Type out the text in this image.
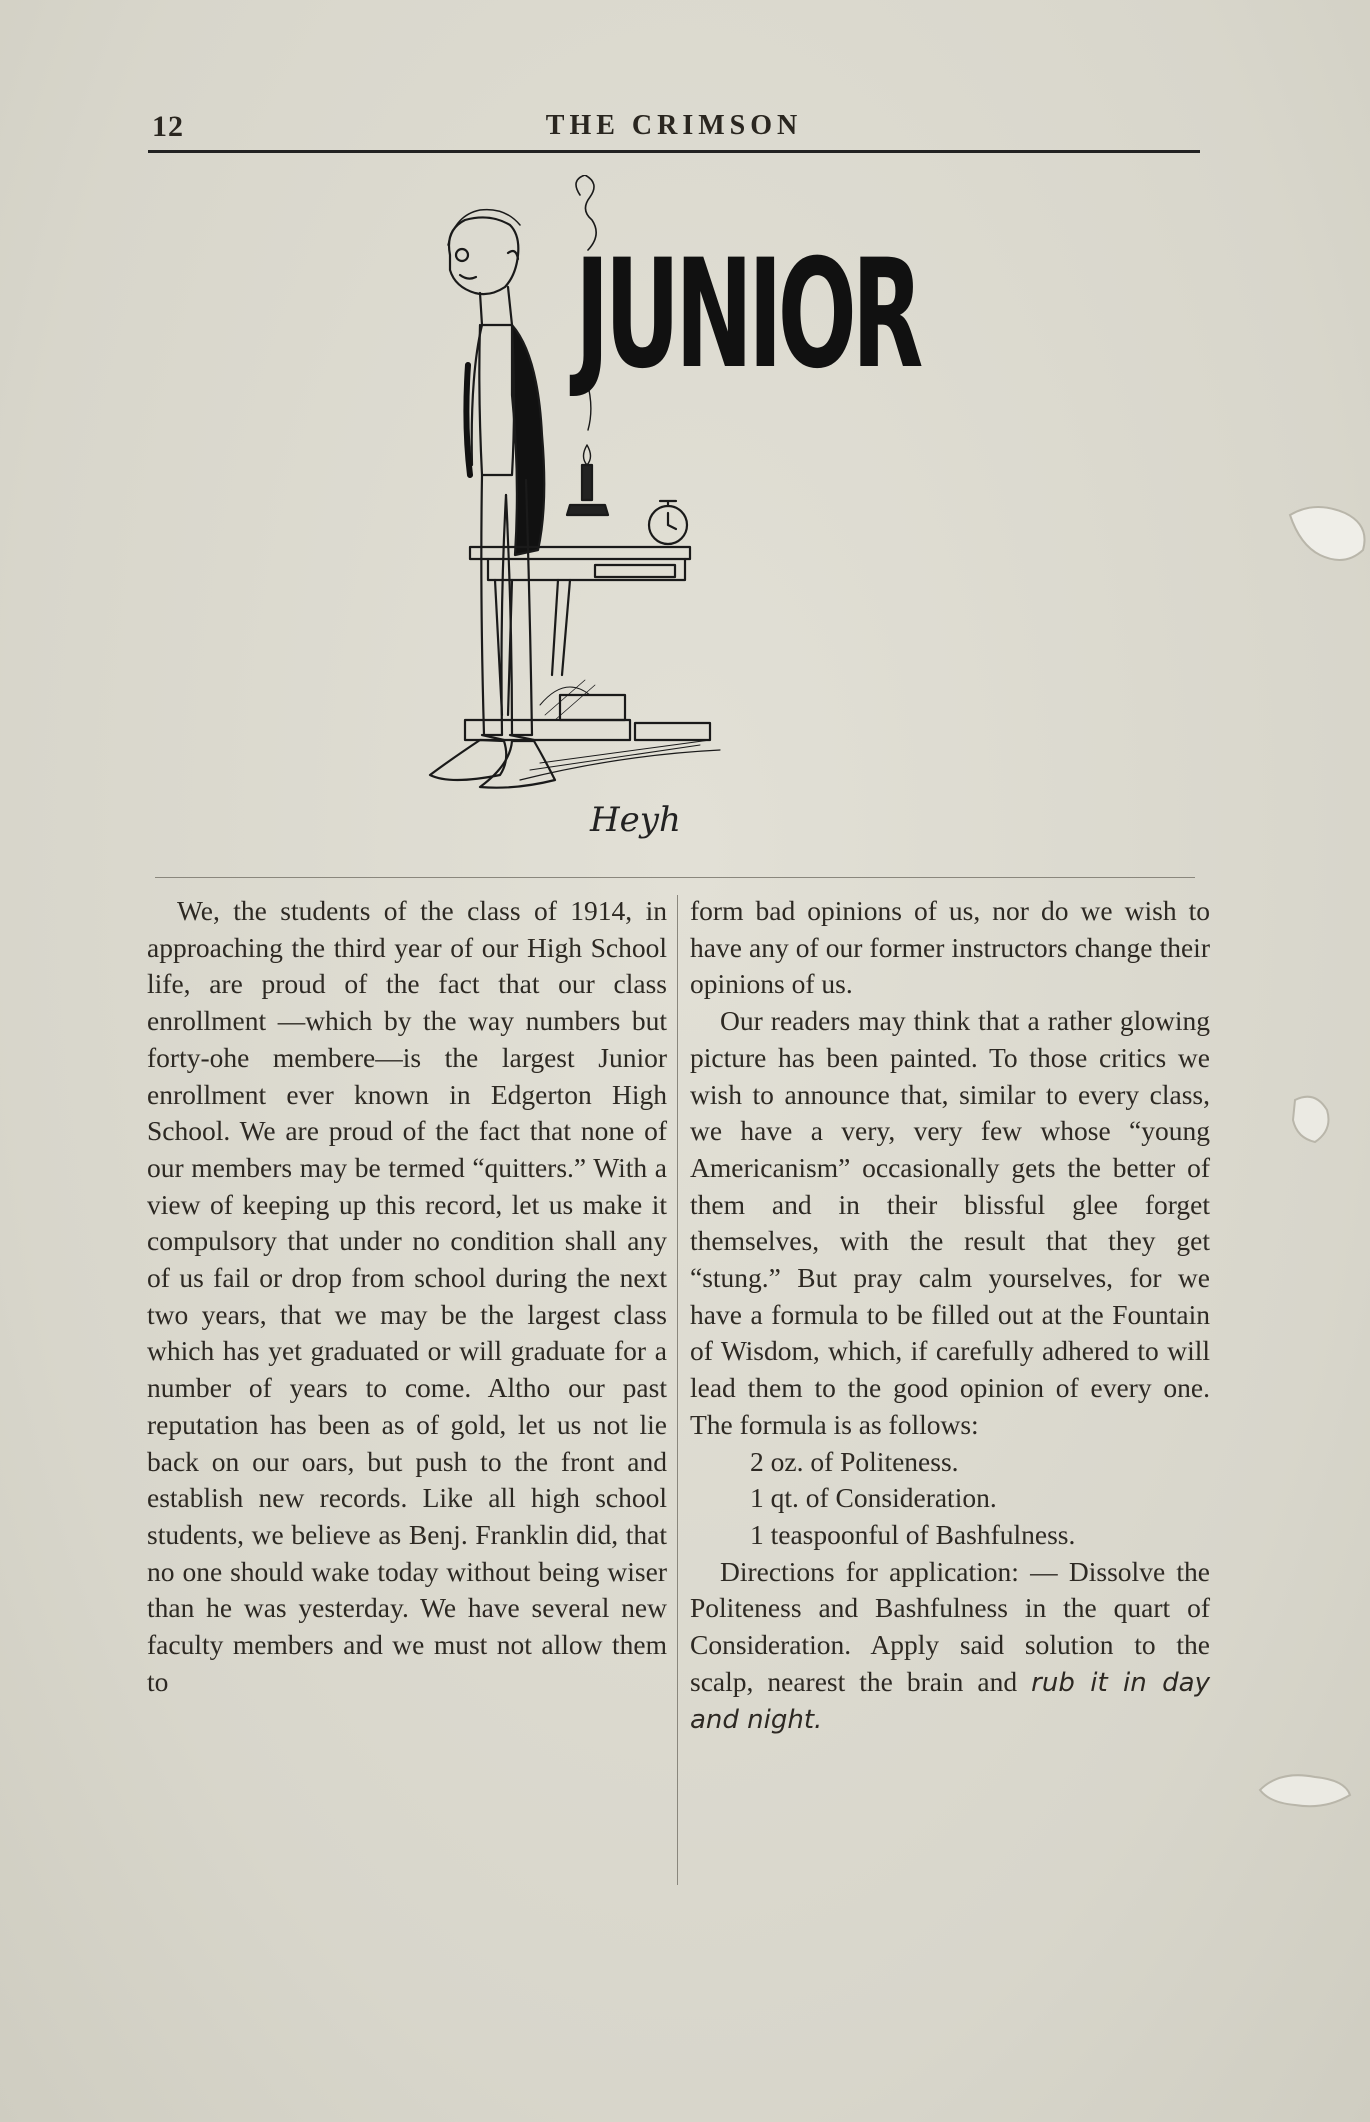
12	THE CRIMSON
JUNIOR
Heyh

We, the students of the class of 1914, in approaching the third year of our High School life, are proud of the fact that our class enrollment —which by the way numbers but forty-ohe membere—is the largest Junior enrollment ever known in Edgerton High School. We are proud of the fact that none of our members may be termed “quitters.” With a view of keeping up this record, let us make it compulsory that under no condition shall any of us fail or drop from school during the next two years, that we may be the largest class which has yet graduated or will graduate for a number of years to come. Altho our past reputation has been as of gold, let us not lie back on our oars, but push to the front and establish new records. Like all high school students, we believe as Benj. Franklin did, that no one should wake today without being wiser than he was yesterday. We have several new faculty members and we must not allow them to

form bad opinions of us, nor do we wish to have any of our former instructors change their opinions of us.

Our readers may think that a rather glowing picture has been painted. To those critics we wish to announce that, similar to every class, we have a very, very few whose “young Americanism” occasionally gets the better of them and in their blissful glee forget themselves, with the result that they get “stung.” But pray calm yourselves, for we have a formula to be filled out at the Fountain of Wisdom, which, if carefully adhered to will lead them to the good opinion of every one. The formula is as follows:

2 oz. of Politeness.

1 qt. of Consideration.

1 teaspoonful of Bashfulness.

Directions for application: — Dissolve the Politeness and Bashfulness in the quart of Consideration. Apply said solution to the scalp, nearest the brain and rub it in day and night.
